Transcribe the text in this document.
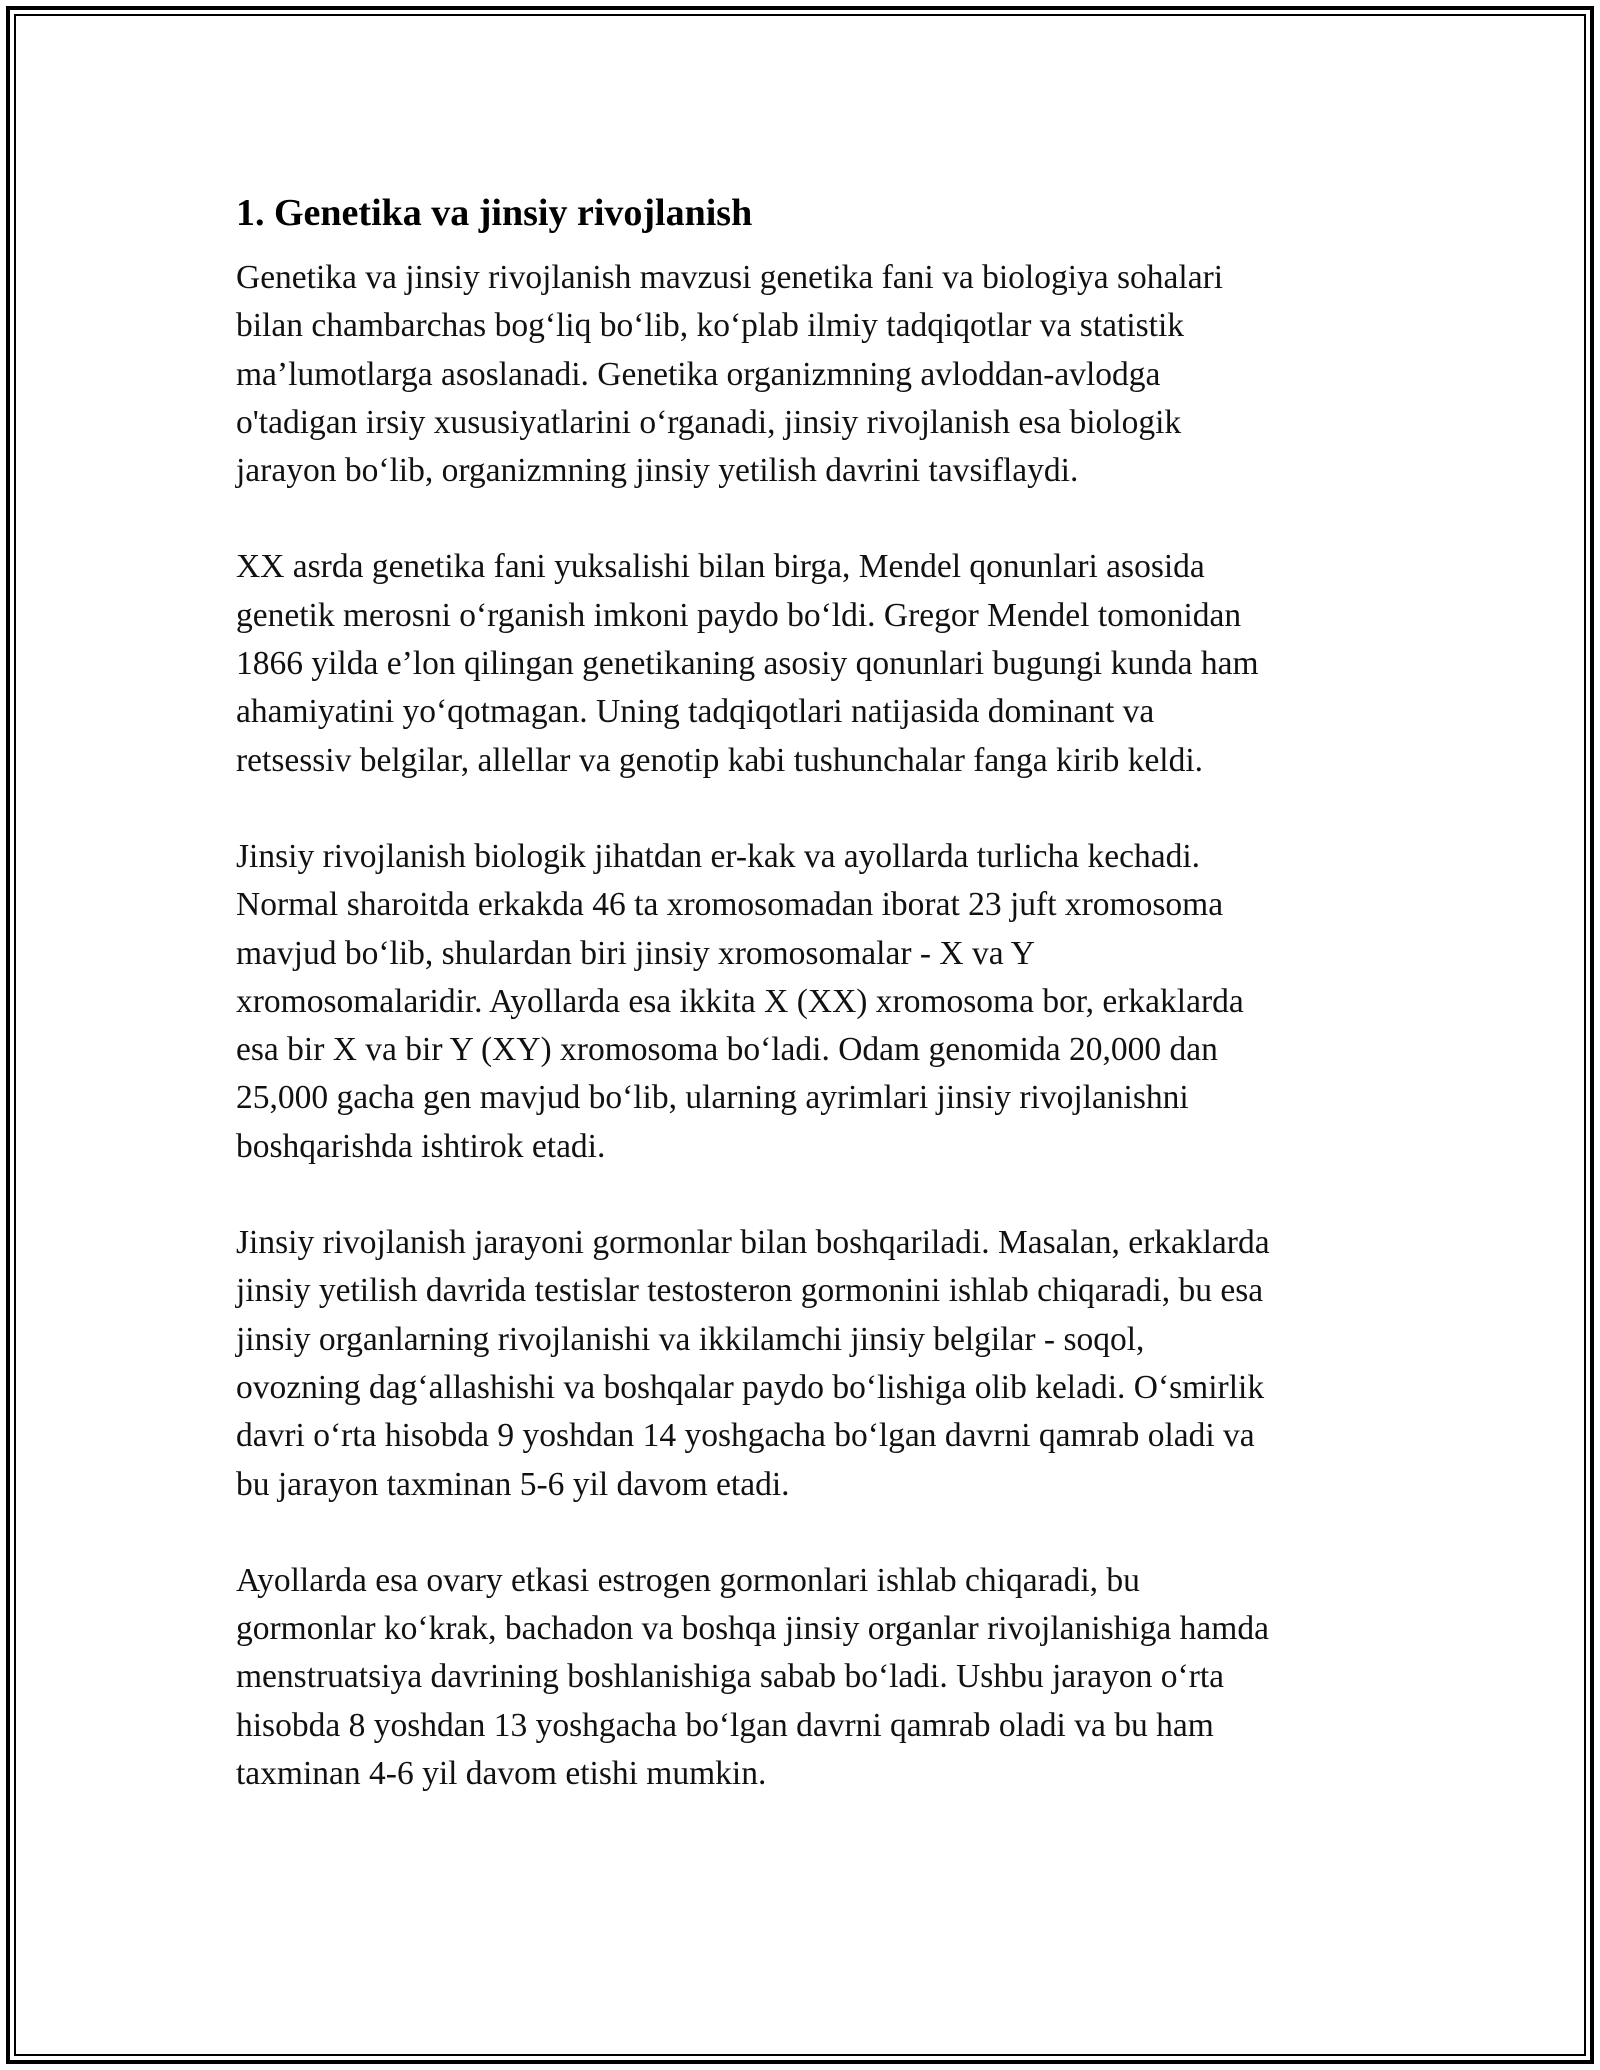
1. Genetika va jinsiy rivojlanish
Genetika va jinsiy rivojlanish mavzusi genetika fani va biologiya sohalari
bilan chambarchas bog‘liq bo‘lib, ko‘plab ilmiy tadqiqotlar va statistik
ma’lumotlarga asoslanadi. Genetika organizmning avloddan-avlodga
o'tadigan irsiy xususiyatlarini o‘rganadi, jinsiy rivojlanish esa biologik
jarayon bo‘lib, organizmning jinsiy yetilish davrini tavsiflaydi.
XX asrda genetika fani yuksalishi bilan birga, Mendel qonunlari asosida
genetik merosni o‘rganish imkoni paydo bo‘ldi. Gregor Mendel tomonidan
1866 yilda e’lon qilingan genetikaning asosiy qonunlari bugungi kunda ham
ahamiyatini yo‘qotmagan. Uning tadqiqotlari natijasida dominant va
retsessiv belgilar, allellar va genotip kabi tushunchalar fanga kirib keldi.
Jinsiy rivojlanish biologik jihatdan er-kak va ayollarda turlicha kechadi.
Normal sharoitda erkakda 46 ta xromosomadan iborat 23 juft xromosoma
mavjud bo‘lib, shulardan biri jinsiy xromosomalar - X va Y
xromosomalaridir. Ayollarda esa ikkita X (XX) xromosoma bor, erkaklarda
esa bir X va bir Y (XY) xromosoma bo‘ladi. Odam genomida 20,000 dan
25,000 gacha gen mavjud bo‘lib, ularning ayrimlari jinsiy rivojlanishni
boshqarishda ishtirok etadi.
Jinsiy rivojlanish jarayoni gormonlar bilan boshqariladi. Masalan, erkaklarda
jinsiy yetilish davrida testislar testosteron gormonini ishlab chiqaradi, bu esa
jinsiy organlarning rivojlanishi va ikkilamchi jinsiy belgilar - soqol,
ovozning dag‘allashishi va boshqalar paydo bo‘lishiga olib keladi. O‘smirlik
davri o‘rta hisobda 9 yoshdan 14 yoshgacha bo‘lgan davrni qamrab oladi va
bu jarayon taxminan 5-6 yil davom etadi.
Ayollarda esa ovary etkasi estrogen gormonlari ishlab chiqaradi, bu
gormonlar ko‘krak, bachadon va boshqa jinsiy organlar rivojlanishiga hamda
menstruatsiya davrining boshlanishiga sabab bo‘ladi. Ushbu jarayon o‘rta
hisobda 8 yoshdan 13 yoshgacha bo‘lgan davrni qamrab oladi va bu ham
taxminan 4-6 yil davom etishi mumkin.
